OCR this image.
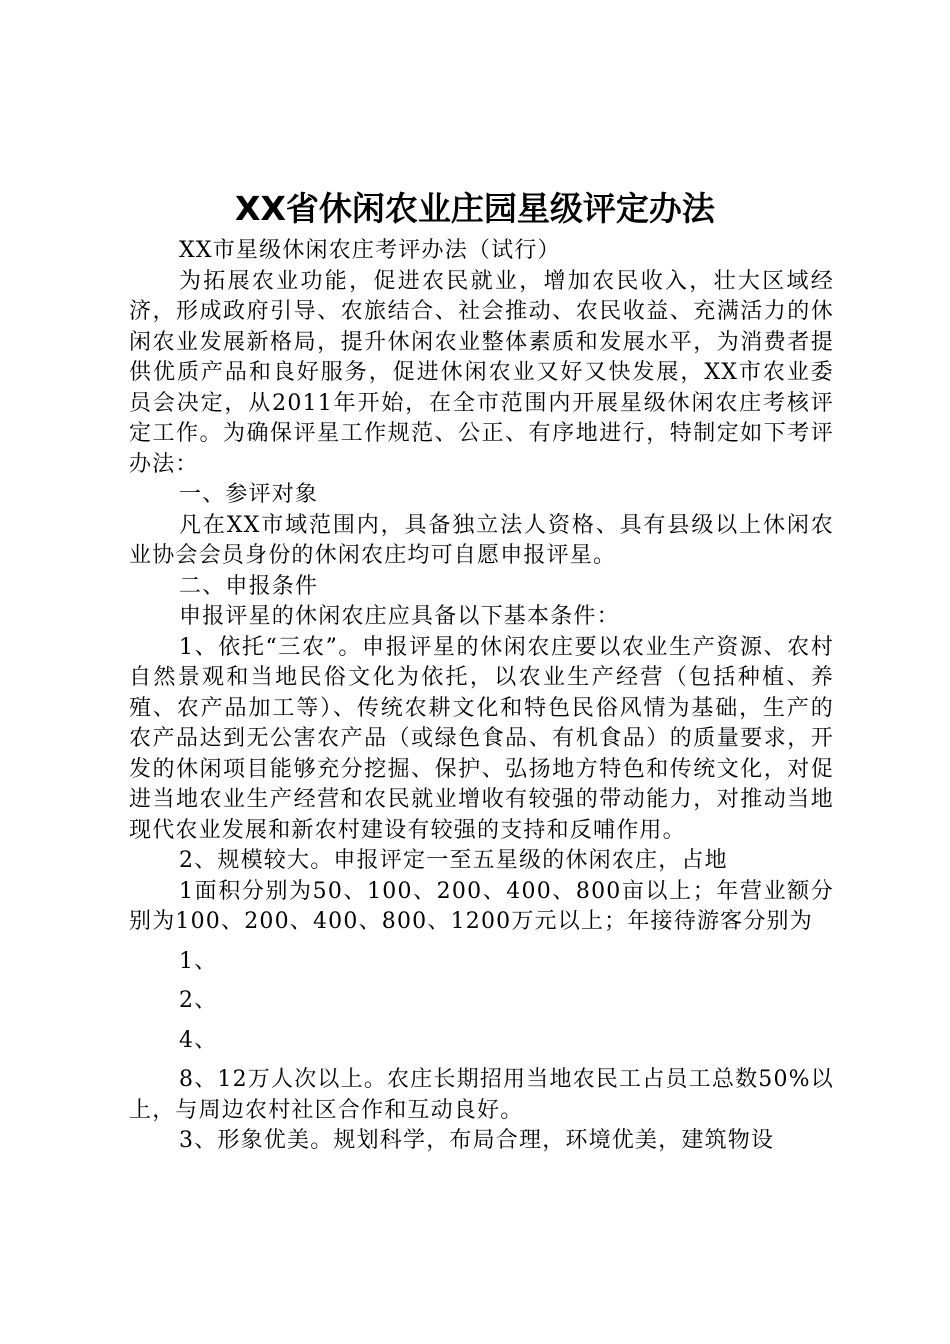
XX省休闲农业庄园星级评定办法

XX市星级休闲农庄考评办法（试行）

为拓展农业功能，促进农民就业，增加农民收入，壮大区域经济，形成政府引导、农旅结合、社会推动、农民收益、充满活力的休闲农业发展新格局，提升休闲农业整体素质和发展水平，为消费者提供优质产品和良好服务，促进休闲农业又好又快发展，XX市农业委员会决定，从2011年开始，在全市范围内开展星级休闲农庄考核评定工作。为确保评星工作规范、公正、有序地进行，特制定如下考评办法：

一、参评对象

凡在XX市域范围内，具备独立法人资格、具有县级以上休闲农业协会会员身份的休闲农庄均可自愿申报评星。

二、申报条件

申报评星的休闲农庄应具备以下基本条件：

1、依托“三农”。申报评星的休闲农庄要以农业生产资源、农村自然景观和当地民俗文化为依托，以农业生产经营（包括种植、养殖、农产品加工等）、传统农耕文化和特色民俗风情为基础，生产的农产品达到无公害农产品（或绿色食品、有机食品）的质量要求，开发的休闲项目能够充分挖掘、保护、弘扬地方特色和传统文化，对促进当地农业生产经营和农民就业增收有较强的带动能力，对推动当地现代农业发展和新农村建设有较强的支持和反哺作用。

2、规模较大。申报评定一至五星级的休闲农庄，占地

1面积分别为50、100、200、400、800亩以上；年营业额分别为100、200、400、800、1200万元以上；年接待游客分别为

1、

2、

4、

8、12万人次以上。农庄长期招用当地农民工占员工总数50%以上，与周边农村社区合作和互动良好。

3、形象优美。规划科学，布局合理，环境优美，建筑物设
